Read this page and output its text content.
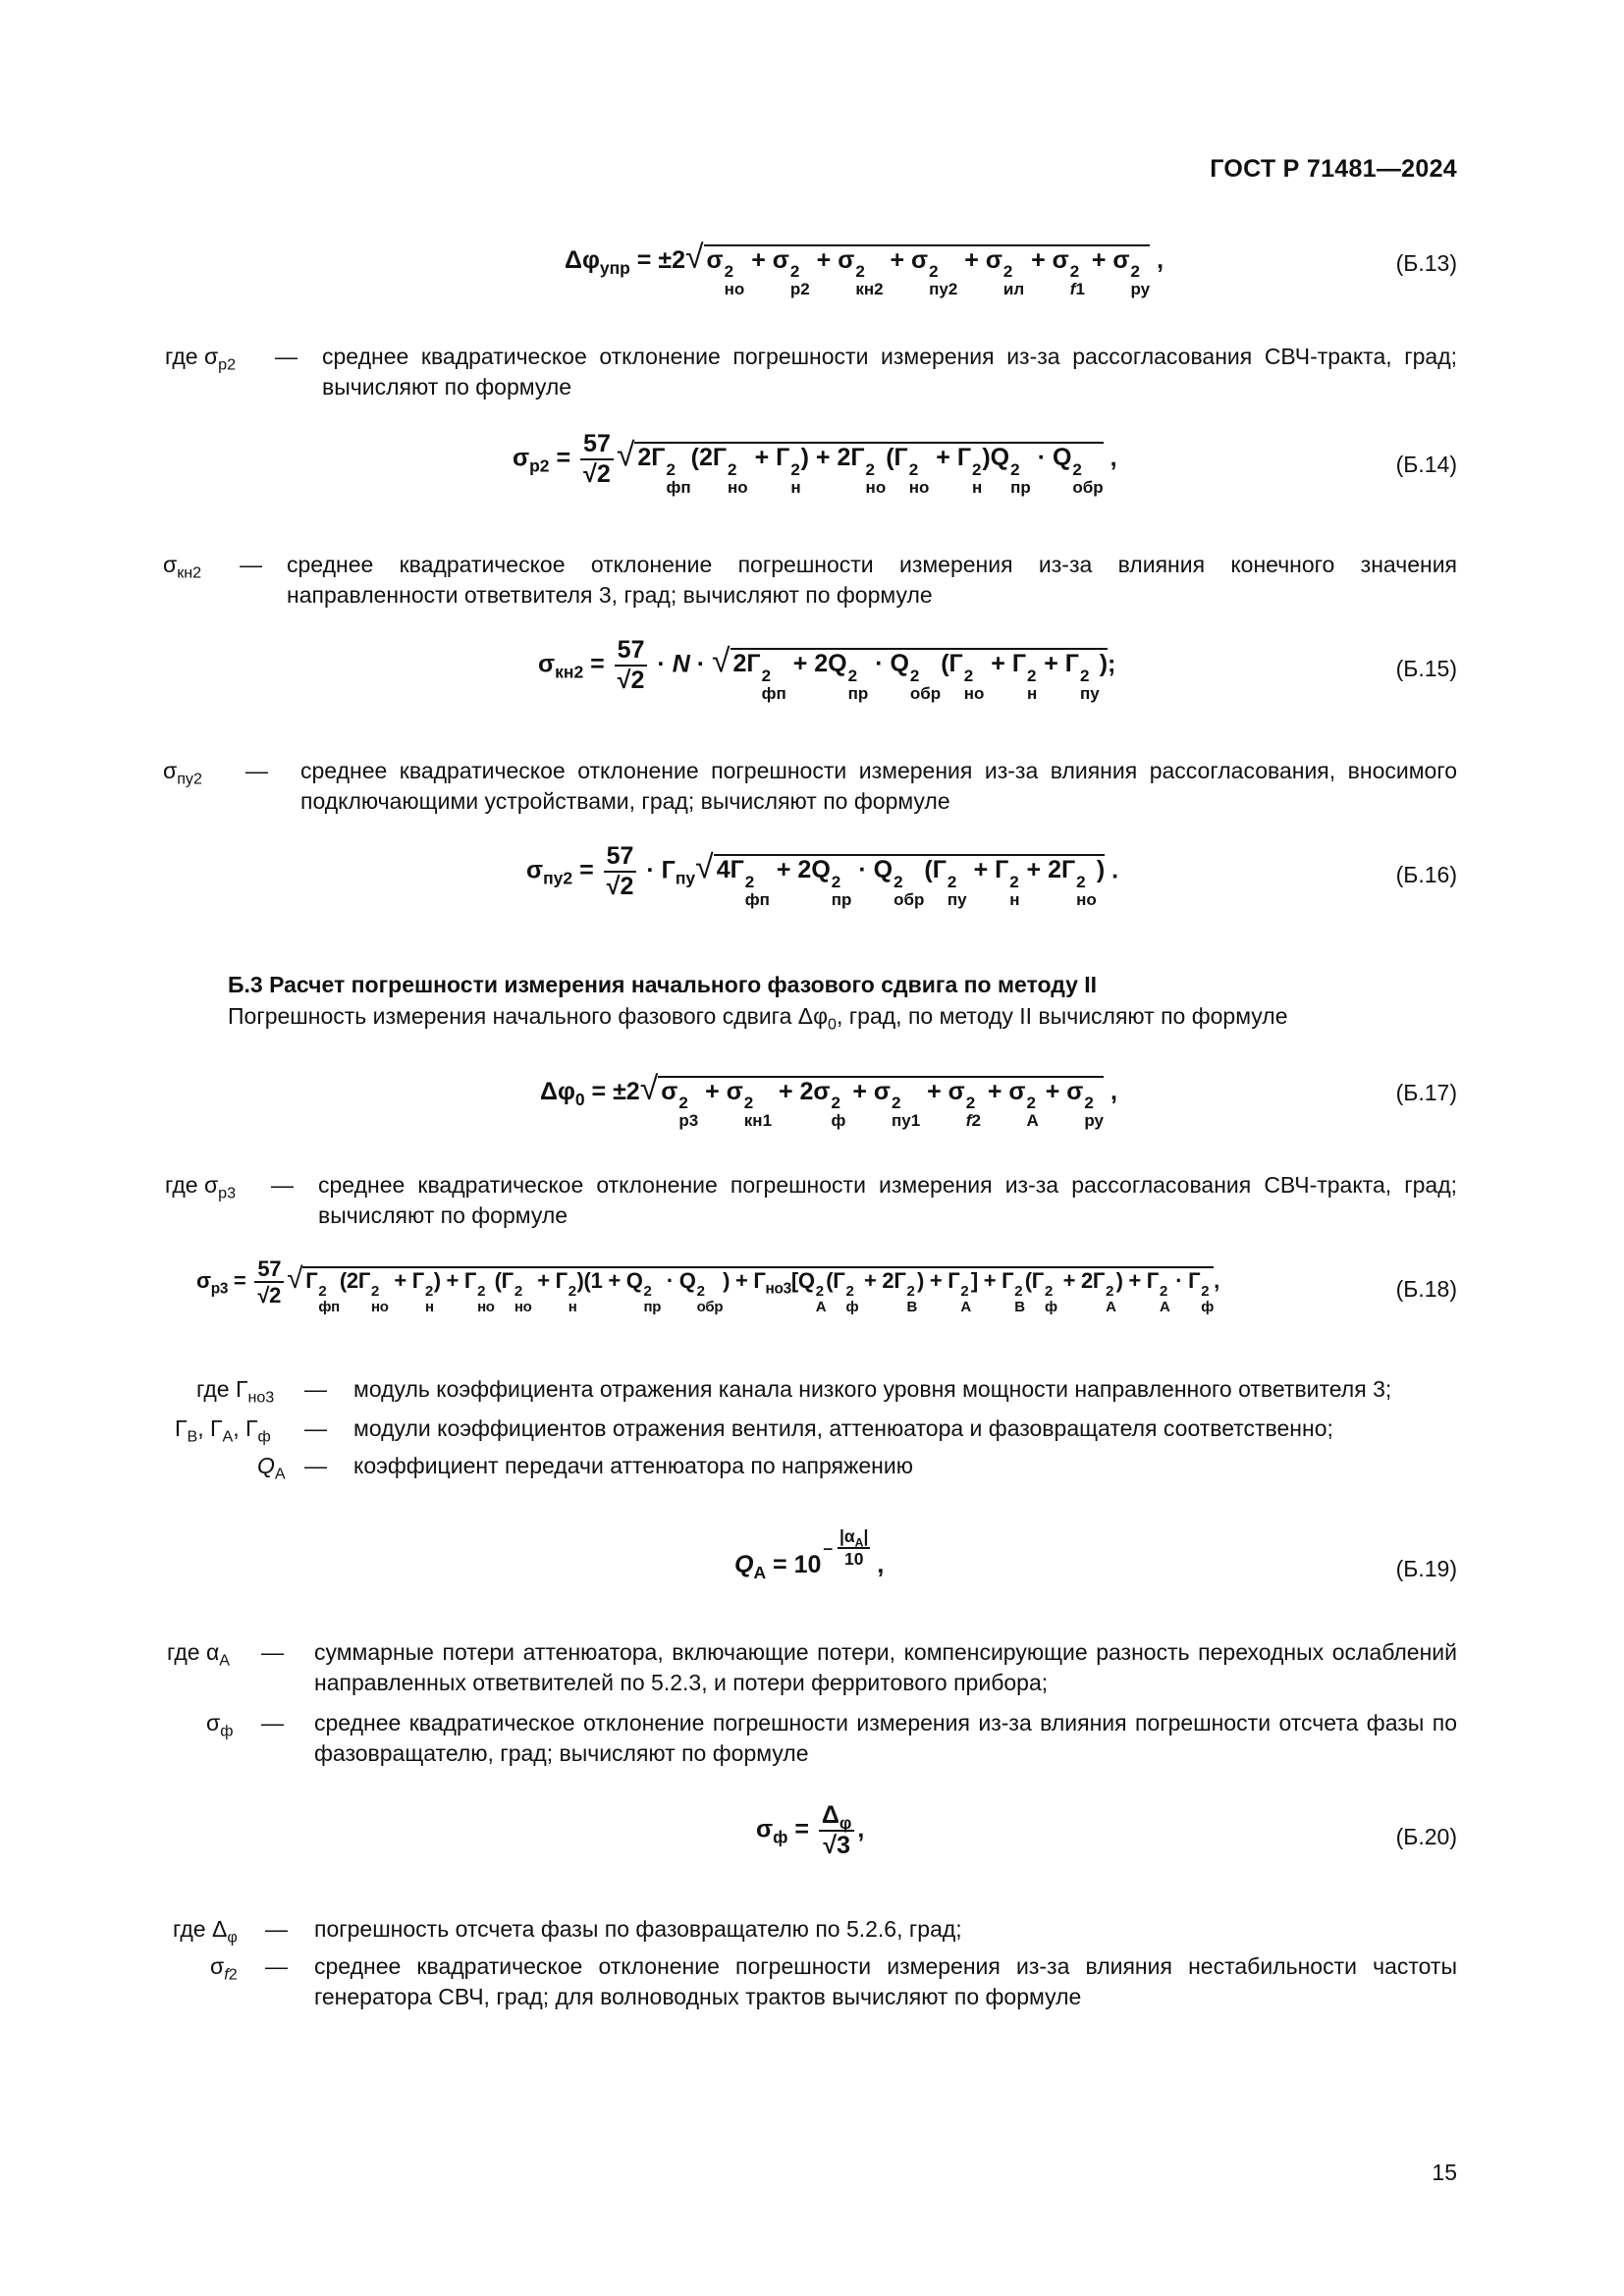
ГОСТ Р 71481—2024
$\Delta\varphi_{упр} = \pm 2√$ σ 2
но
+ σ 2
р2
+ σ 2
кн2
+ σ 2
пу2
+ σ 2
ил
+ σ 2
f1
+ σ 2
ру
,	(Б.13)
где $\sigma_{р2}$ — среднее квадратическое отклонение погрешности измерения из-за рассогласования СВЧ-тракта, град; вычисляют по формуле
$\sigma_{р2} = \frac{57}{√2}$ √ 2Г 2
фп
(2Г 2
но
+ Г 2
н
) + 2Г 2
но
(Г 2
но
+ Г 2
н
)Q 2
пр
· Q 2
обр
,	(Б.14)
$\sigma_{кн2}$ — среднее квадратическое отклонение погрешности измерения из-за влияния конечного значения направленности ответвителя 3, град; вычисляют по формуле
$\sigma_{кн2} = \frac{57}{√2} \cdot N$ · √ 2Г 2
фп
+ 2Q 2
пр
· Q 2
обр
(Г 2
но
+ Г 2
н
+ Г 2
пу
);	(Б.15)
$\sigma_{пу2}$ — среднее квадратическое отклонение погрешности измерения из-за влияния рассогласования, вносимого подключающими устройствами, град; вычисляют по формуле
$\sigma_{пу2} = \frac{57}{√2} \cdot Г_{пу}√$ 4Г 2
фп
+ 2Q 2
пр
· Q 2
обр
(Г 2
пу
+ Г 2
н
+ 2Г 2
но
) .	(Б.16)
Б.3 Расчет погрешности измерения начального фазового сдвига по методу II
Погрешность измерения начального фазового сдвига $\Delta\varphi_0$, град, по методу II вычисляют по формуле
$\Delta\varphi_0 = \pm 2√$ σ 2
р3
+ σ 2
кн1
+ 2σ 2
ф
+ σ 2
пу1
+ σ 2
f2
+ σ 2
А
+ σ 2
ру
,	(Б.17)
где $\sigma_{р3}$ — среднее квадратическое отклонение погрешности измерения из-за рассогласования СВЧ-тракта, град; вычисляют по формуле
$\sigma_{р3} = \frac{57}{√2}$ √ Г 2
фп
(2Г 2
но
+ Г 2
н
) + Г 2
но
(Г 2
но
+ Г 2
н
)(1 + Q 2
пр
· Q 2
обр
) + $Г_{но3}[Q$ 2
А
(Г 2
ф
+ 2Г 2
В
) + Г 2
А
] + Г 2
В
(Г 2
ф
+ 2Г 2
А
) + Г 2
А
· Г 2
ф
,	(Б.18)
где $Г_{но3}$ — модуль коэффициента отражения канала низкого уровня мощности направленного ответвителя 3;
$Г_В$, $Г_А$, $Г_ф$ — модули коэффициентов отражения вентиля, аттенюатора и фазовращателя соответственно;
$Q_А$ — коэффициент передачи аттенюатора по напряжению
$Q_А = 10$
–
$|\alpha_А|$
10 ,	(Б.19)
где $\alpha_А$ — суммарные потери аттенюатора, включающие потери, компенсирующие разность переходных ослаблений направленных ответвителей по 5.2.3, и потери ферритового прибора;
$\sigma_ф$ — среднее квадратическое отклонение погрешности измерения из-за влияния погрешности отсчета фазы по фазовращателю, град; вычисляют по формуле
$\sigma_ф = \frac{\Delta_\varphi}{√3}$ ,	(Б.20)
где $\Delta_\varphi$ — погрешность отсчета фазы по фазовращателю по 5.2.6, град;
$\sigma_{f2}$ — среднее квадратическое отклонение погрешности измерения из-за влияния нестабильности частоты генератора СВЧ, град; для волноводных трактов вычисляют по формуле
15
